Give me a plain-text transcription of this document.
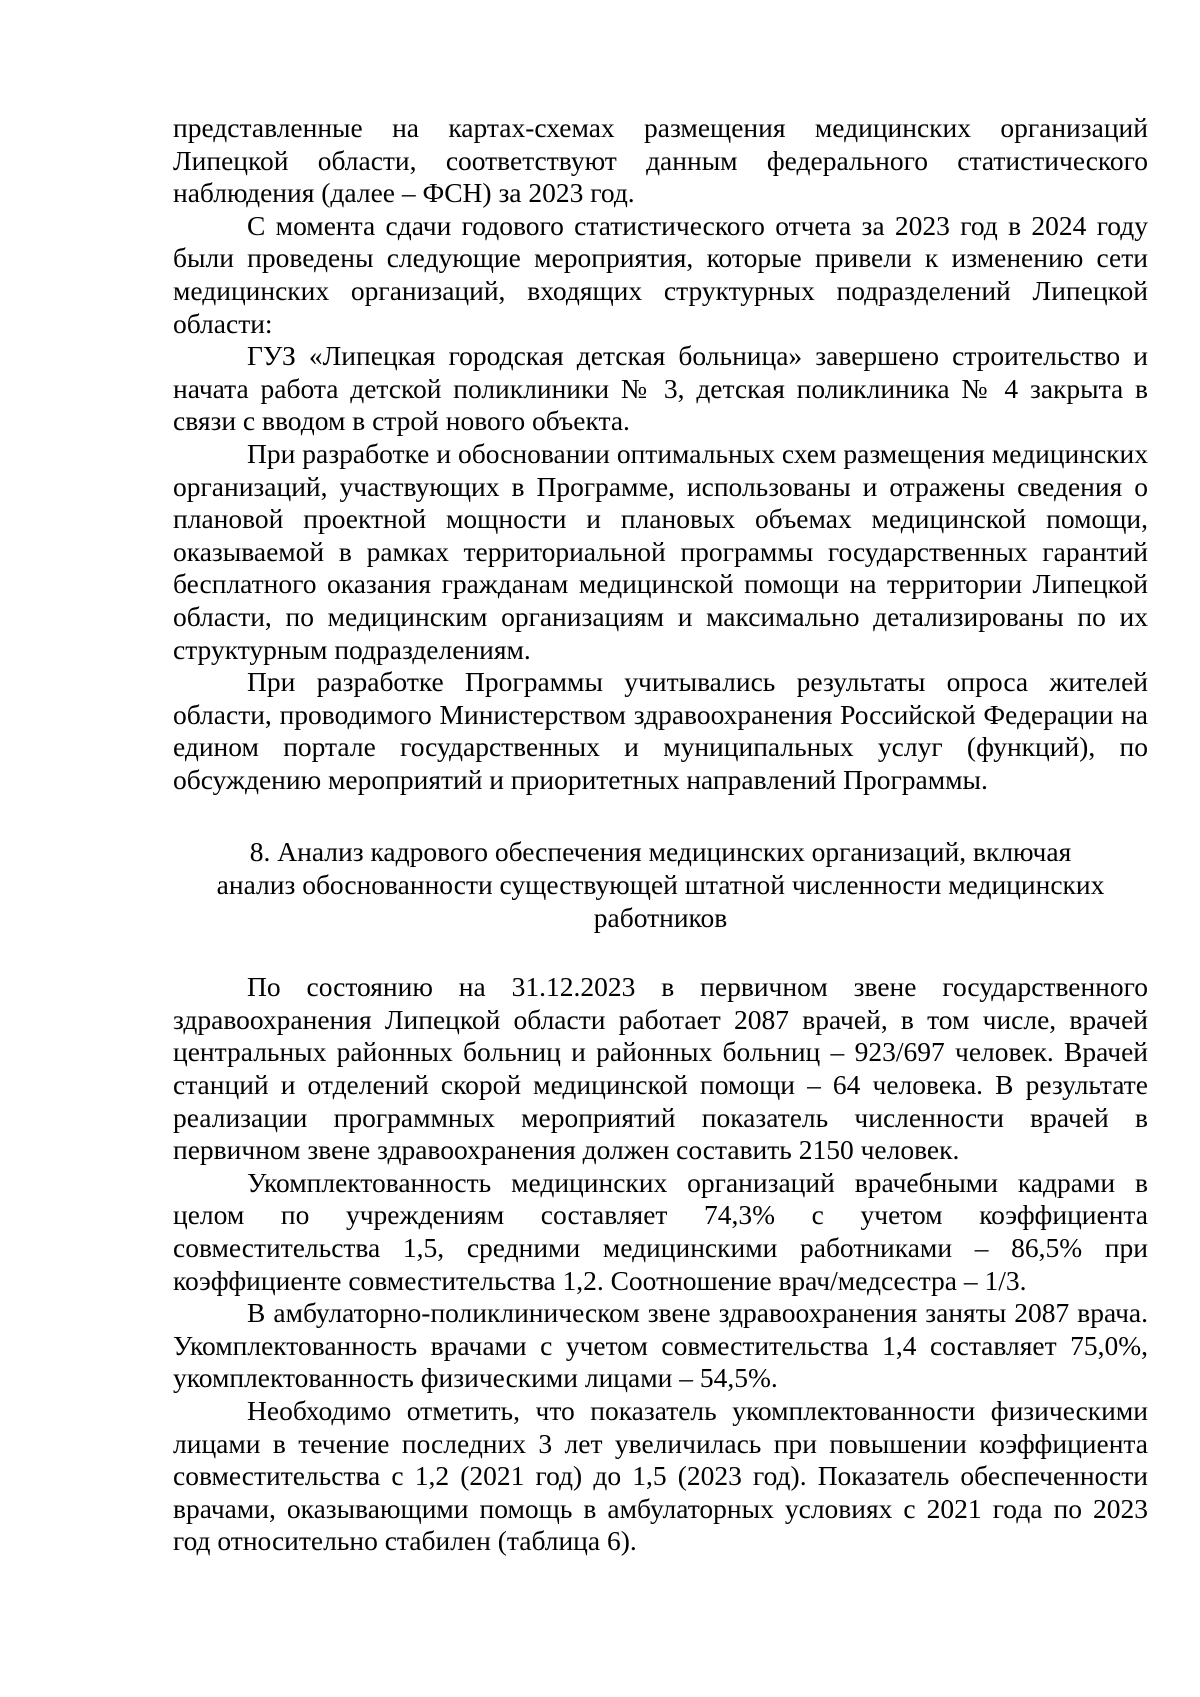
представленные на картах-схемах размещения медицинских организаций Липецкой области, соответствуют данным федерального статистического наблюдения (далее – ФСН) за 2023 год.

С момента сдачи годового статистического отчета за 2023 год в 2024 году были проведены следующие мероприятия, которые привели к изменению сети медицинских организаций, входящих структурных подразделений Липецкой области:

ГУЗ «Липецкая городская детская больница» завершено строительство и начата работа детской поликлиники № 3, детская поликлиника № 4 закрыта в связи с вводом в строй нового объекта.

При разработке и обосновании оптимальных схем размещения медицинских организаций, участвующих в Программе, использованы и отражены сведения о плановой проектной мощности и плановых объемах медицинской помощи, оказываемой в рамках территориальной программы государственных гарантий бесплатного оказания гражданам медицинской помощи на территории Липецкой области, по медицинским организациям и максимально детализированы по их структурным подразделениям.

При разработке Программы учитывались результаты опроса жителей области, проводимого Министерством здравоохранения Российской Федерации на едином портале государственных и муниципальных услуг (функций), по обсуждению мероприятий и приоритетных направлений Программы.

8. Анализ кадрового обеспечения медицинских организаций, включая
анализ обоснованности существующей штатной численности медицинских
работников

По состоянию на 31.12.2023 в первичном звене государственного здравоохранения Липецкой области работает 2087 врачей, в том числе, врачей центральных районных больниц и районных больниц – 923/697 человек. Врачей станций и отделений скорой медицинской помощи – 64 человека. В результате реализации программных мероприятий показатель численности врачей в первичном звене здравоохранения должен составить 2150 человек.

Укомплектованность медицинских организаций врачебными кадрами в целом по учреждениям составляет 74,3% с учетом коэффициента совместительства 1,5, средними медицинскими работниками – 86,5% при коэффициенте совместительства 1,2. Соотношение врач/медсестра – 1/3.

В амбулаторно-поликлиническом звене здравоохранения заняты 2087 врача. Укомплектованность врачами с учетом совместительства 1,4 составляет 75,0%, укомплектованность физическими лицами – 54,5%.

Необходимо отметить, что показатель укомплектованности физическими лицами в течение последних 3 лет увеличилась при повышении коэффициента совместительства с 1,2 (2021 год) до 1,5 (2023 год). Показатель обеспеченности врачами, оказывающими помощь в амбулаторных условиях с 2021 года по 2023 год относительно стабилен (таблица 6).
